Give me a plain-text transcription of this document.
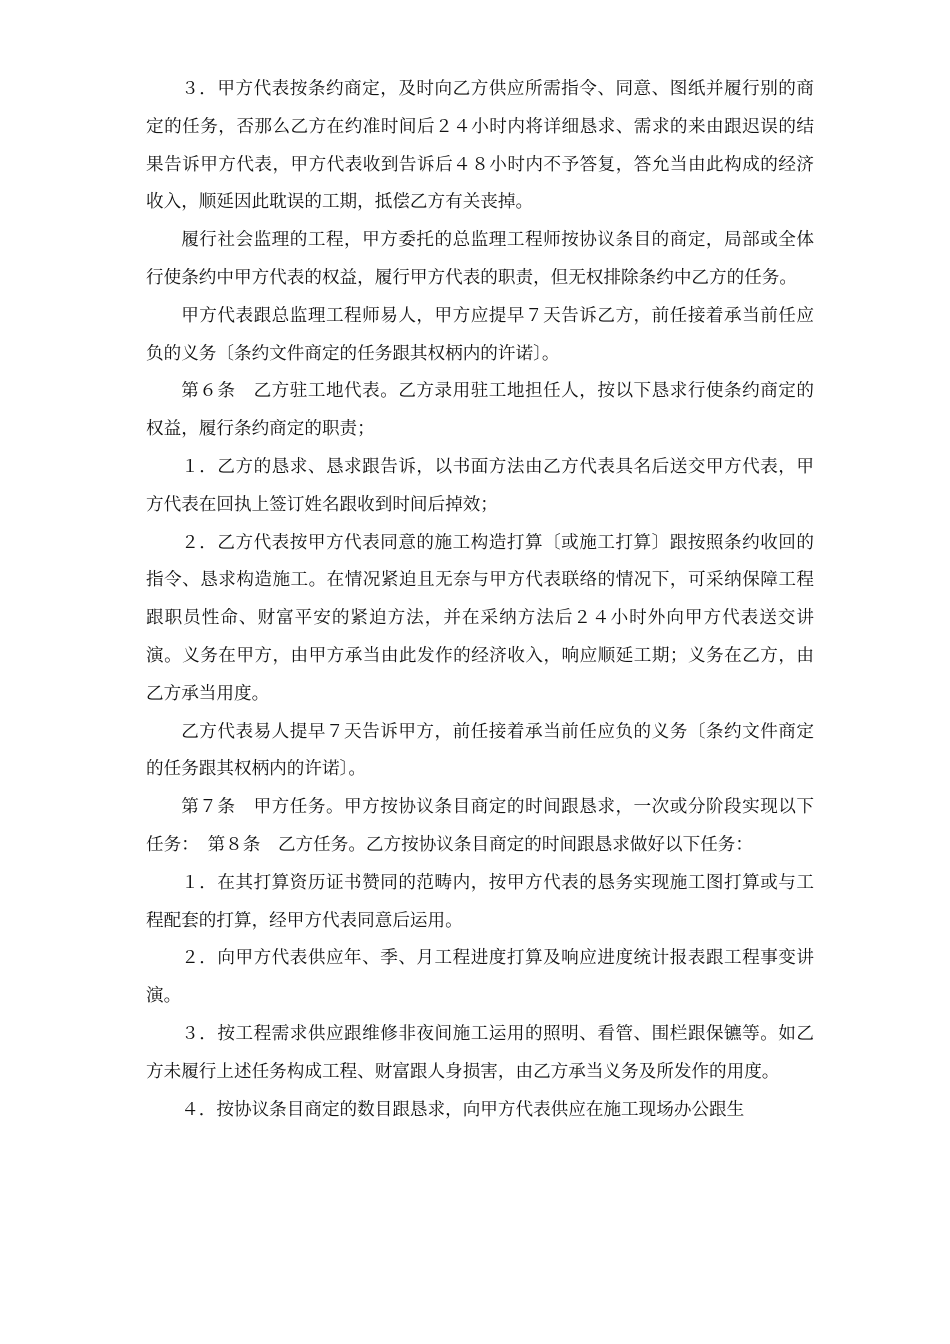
３．甲方代表按条约商定，及时向乙方供应所需指令、同意、图纸并履行别的商定的任务，否那么乙方在约准时间后２４小时内将详细恳求、需求的来由跟迟误的结果告诉甲方代表，甲方代表收到告诉后４８小时内不予答复，答允当由此构成的经济收入，顺延因此耽误的工期，抵偿乙方有关丧掉。

履行社会监理的工程，甲方委托的总监理工程师按协议条目的商定，局部或全体行使条约中甲方代表的权益，履行甲方代表的职责，但无权排除条约中乙方的任务。

甲方代表跟总监理工程师易人，甲方应提早７天告诉乙方，前任接着承当前任应负的义务〔条约文件商定的任务跟其权柄内的许诺〕。

第６条　乙方驻工地代表。乙方录用驻工地担任人，按以下恳求行使条约商定的权益，履行条约商定的职责；

１．乙方的恳求、恳求跟告诉，以书面方法由乙方代表具名后送交甲方代表，甲方代表在回执上签订姓名跟收到时间后掉效；

２．乙方代表按甲方代表同意的施工构造打算〔或施工打算〕跟按照条约收回的指令、恳求构造施工。在情况紧迫且无奈与甲方代表联络的情况下，可采纳保障工程跟职员性命、财富平安的紧迫方法，并在采纳方法后２４小时外向甲方代表送交讲演。义务在甲方，由甲方承当由此发作的经济收入，响应顺延工期；义务在乙方，由乙方承当用度。

乙方代表易人提早７天告诉甲方，前任接着承当前任应负的义务〔条约文件商定的任务跟其权柄内的许诺〕。

第７条　甲方任务。甲方按协议条目商定的时间跟恳求，一次或分阶段实现以下任务：　第８条　乙方任务。乙方按协议条目商定的时间跟恳求做好以下任务：

１．在其打算资历证书赞同的范畴内，按甲方代表的恳务实现施工图打算或与工程配套的打算，经甲方代表同意后运用。

２．向甲方代表供应年、季、月工程进度打算及响应进度统计报表跟工程事变讲演。

３．按工程需求供应跟维修非夜间施工运用的照明、看管、围栏跟保镳等。如乙方未履行上述任务构成工程、财富跟人身损害，由乙方承当义务及所发作的用度。

４．按协议条目商定的数目跟恳求，向甲方代表供应在施工现场办公跟生
